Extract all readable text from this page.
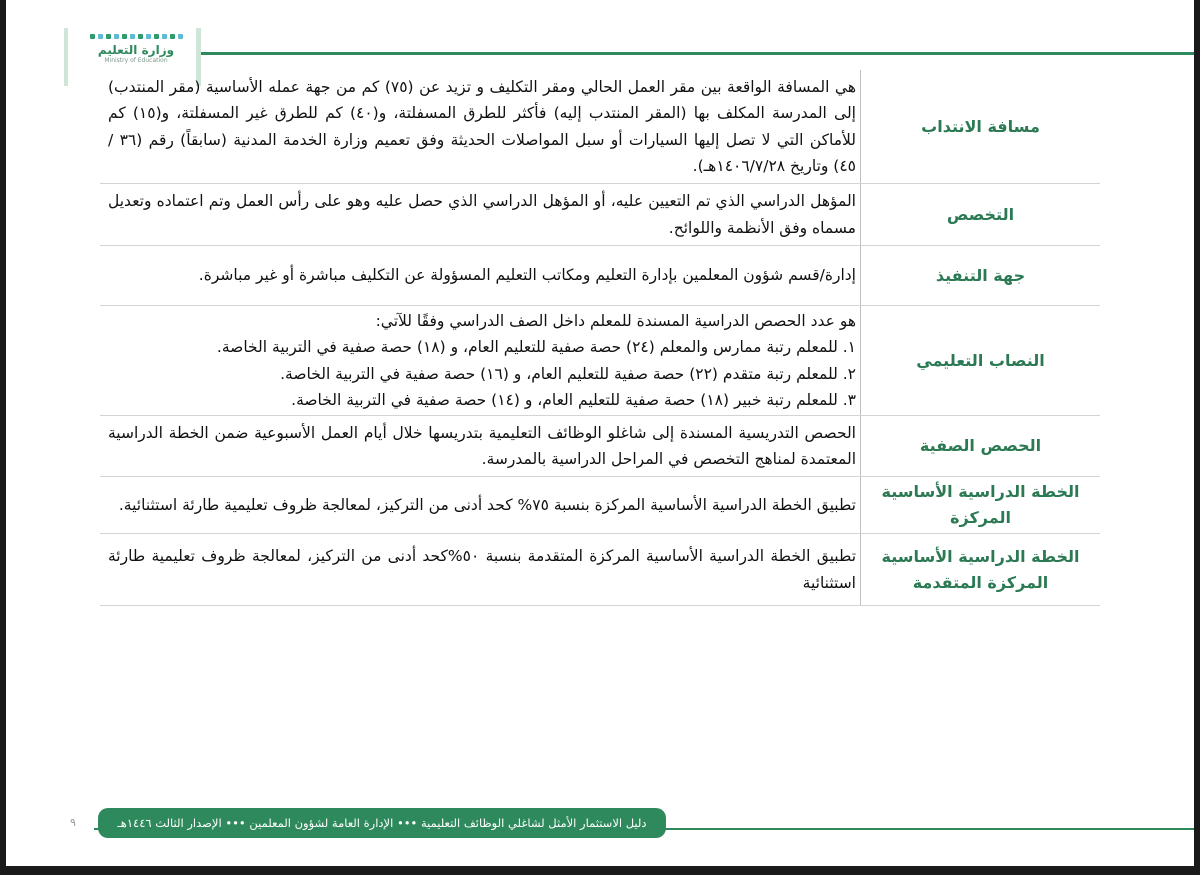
وزارة التعليم
Ministry of Education
مسافة الانتداب

هي المسافة الواقعة بين مقر العمل الحالي ومقر التكليف و تزيد عن (٧٥) كم من جهة عمله الأساسية (مقر المنتدب) إلى المدرسة المكلف بها (المقر المنتدب إليه) فأكثر للطرق المسفلتة، و(٤٠) كم للطرق غير المسفلتة، و(١٥) كم للأماكن التي لا تصل إليها السيارات أو سبل المواصلات الحديثة وفق تعميم وزارة الخدمة المدنية (سابقاً) رقم (٣٦ / ٤٥) وتاريخ ١٤٠٦/٧/٢٨هـ).

التخصص

المؤهل الدراسي الذي تم التعيين عليه، أو المؤهل الدراسي الذي حصل عليه وهو على رأس العمل وتم اعتماده وتعديل مسماه وفق الأنظمة واللوائح.

جهة التنفيذ

إدارة/قسم شؤون المعلمين بإدارة التعليم ومكاتب التعليم المسؤولة عن التكليف مباشرة أو غير مباشرة.

النصاب التعليمي

هو عدد الحصص الدراسية المسندة للمعلم داخل الصف الدراسي وفقًا للآتي:

١. للمعلم رتبة ممارس والمعلم (٢٤) حصة صفية للتعليم العام، و (١٨) حصة صفية في التربية الخاصة.

٢. للمعلم رتبة متقدم (٢٢) حصة صفية للتعليم العام، و (١٦) حصة صفية في التربية الخاصة.

٣. للمعلم رتبة خبير (١٨) حصة صفية للتعليم العام، و (١٤) حصة صفية في التربية الخاصة.

الحصص الصفية

الحصص التدريسية المسندة إلى شاغلو الوظائف التعليمية بتدريسها خلال أيام العمل الأسبوعية ضمن الخطة الدراسية المعتمدة لمناهج التخصص في المراحل الدراسية بالمدرسة.

الخطة الدراسية الأساسية المركزة

تطبيق الخطة الدراسية الأساسية المركزة بنسبة ٧٥% كحد أدنى من التركيز، لمعالجة ظروف تعليمية طارئة استثنائية.

الخطة الدراسية الأساسية المركزة المتقدمة

تطبيق الخطة الدراسية الأساسية المركزة المتقدمة بنسبة ٥٠%كحد أدنى من التركيز، لمعالجة ظروف تعليمية طارئة استثنائية

دليل الاستثمار الأمثل لشاغلي الوظائف التعليمية ••• الإدارة العامة لشؤون المعلمين ••• الإصدار الثالث ١٤٤٦هـ
٩
